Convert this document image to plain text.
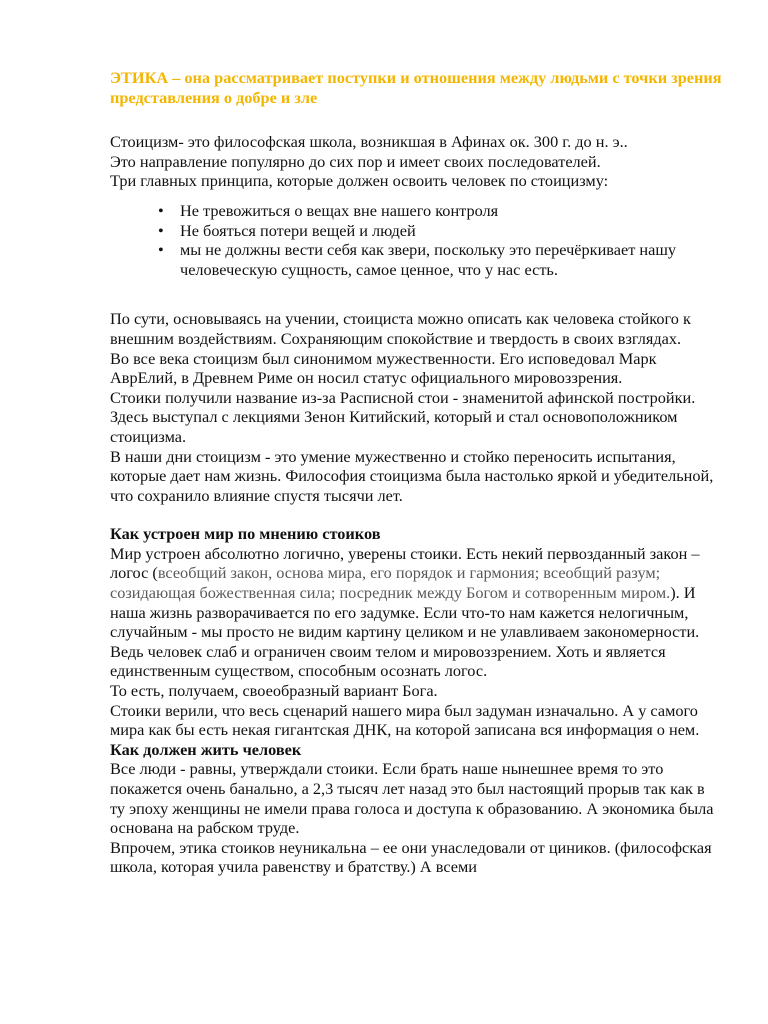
ЭТИКА – она рассматривает поступки и отношения между людьми с точки зрения представления о добре и зле

Стоицизм- это философская школа, возникшая в Афинах ок. 300 г. до н. э..

Это направление популярно до сих пор и имеет своих последователей.

Три главных принципа, которые должен освоить человек по стоицизму:

• Не тревожиться о вещах вне нашего контроля
• Не бояться потери вещей и людей
• мы не должны вести себя как звери, поскольку это перечёркивает нашу человеческую сущность, самое ценное, что у нас есть.

По сути, основываясь на учении, стоициста можно описать как человека стойкого к внешним воздействиям. Сохраняющим спокойствие и твердость в своих взглядах.

Во все века стоицизм был синонимом мужественности. Его исповедовал Марк АврЕлий, в Древнем Риме он носил статус официального мировоззрения.

Стоики получили название из-за Расписной стои - знаменитой афинской постройки. Здесь выступал с лекциями Зенон Китийский, который и стал основоположником стоицизма.

В наши дни стоицизм - это умение мужественно и стойко переносить испытания, которые дает нам жизнь. Философия стоицизма была настолько яркой и убедительной, что сохранило влияние спустя тысячи лет.

Как устроен мир по мнению стоиков

Мир устроен абсолютно логично, уверены стоики. Есть некий первозданный закон – логос (всеобщий закон, основа мира, его порядок и гармония; всеобщий разум; созидающая божественная сила; посредник между Богом и сотворенным миром.). И наша жизнь разворачивается по его задумке. Если что-то нам кажется нелогичным, случайным - мы просто не видим картину целиком и не улавливаем закономерности. Ведь человек слаб и ограничен своим телом и мировоззрением. Хоть и является единственным существом, способным осознать логос.

То есть, получаем, своеобразный вариант Бога.

Стоики верили, что весь сценарий нашего мира был задуман изначально. А у самого мира как бы есть некая гигантская ДНК, на которой записана вся информация о нем.

Как должен жить человек

Все люди - равны, утверждали стоики. Если брать наше нынешнее время то это покажется очень банально, а 2,3 тысяч лет назад это был настоящий прорыв так как в ту эпоху женщины не имели права голоса и доступа к образованию. А экономика была основана на рабском труде.

Впрочем, этика стоиков неуникальна – ее они унаследовали от циников. (философская школа, которая учила равенству и братству.) А всеми
